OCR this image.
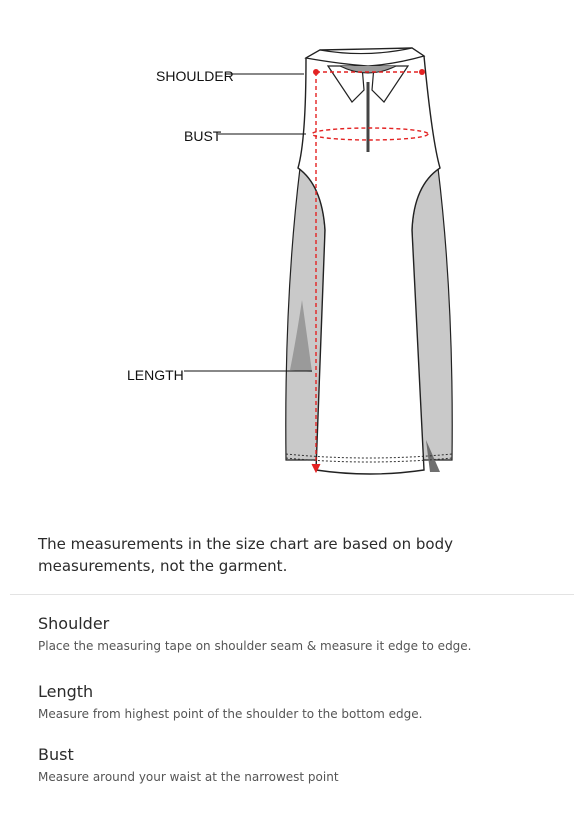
SHOULDER
BUST
LENGTH
The measurements in the size chart are based on body measurements, not the garment.

Shoulder

Place the measuring tape on shoulder seam & measure it edge to edge.

Length

Measure from highest point of the shoulder to the bottom edge.

Bust

Measure around your waist at the narrowest point
